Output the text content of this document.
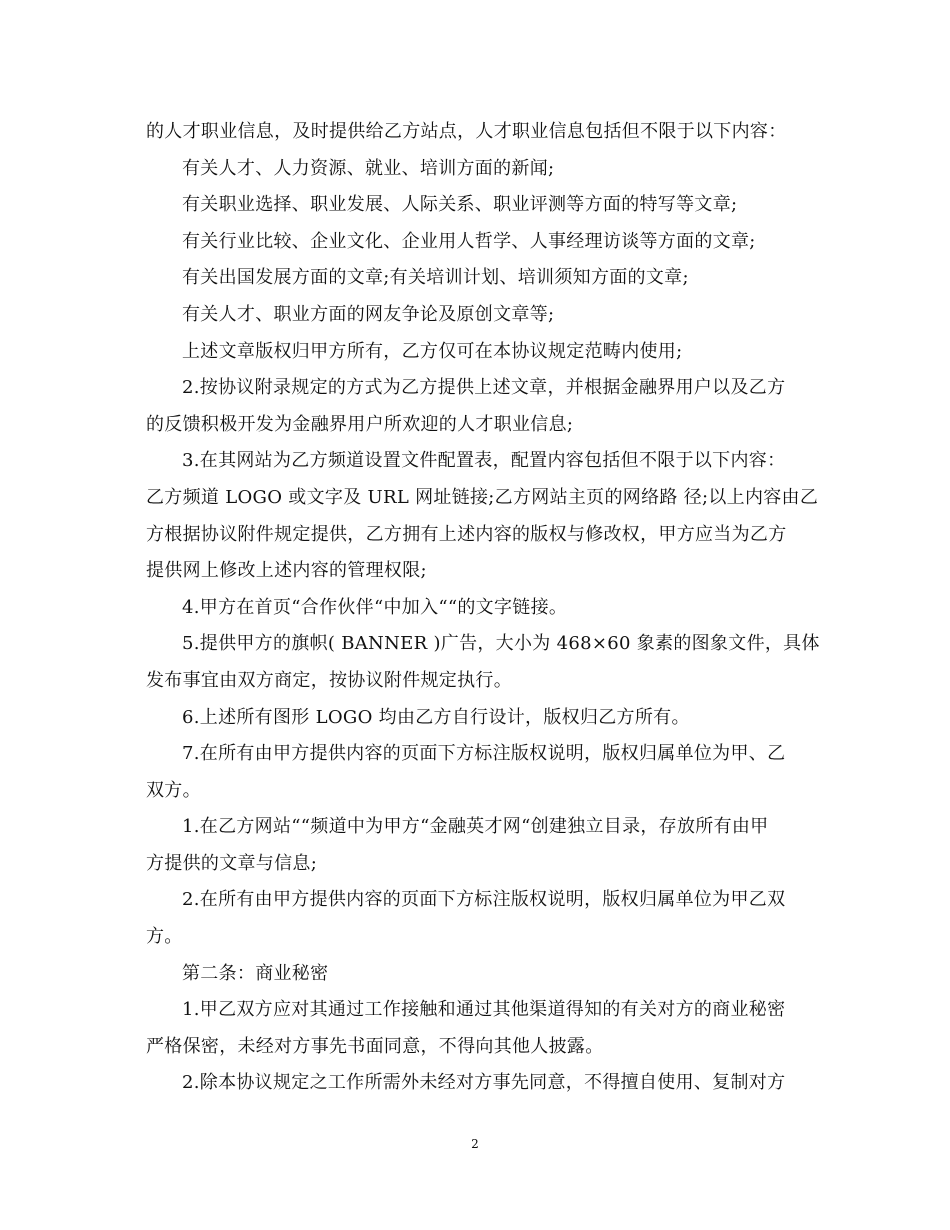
的人才职业信息，及时提供给乙方站点，人才职业信息包括但不限于以下内容：
有关人才、人力资源、就业、培训方面的新闻;
有关职业选择、职业发展、人际关系、职业评测等方面的特写等文章;
有关行业比较、企业文化、企业用人哲学、人事经理访谈等方面的文章;
有关出国发展方面的文章;有关培训计划、培训须知方面的文章;
有关人才、职业方面的网友争论及原创文章等;
上述文章版权归甲方所有，乙方仅可在本协议规定范畴内使用;
2.按协议附录规定的方式为乙方提供上述文章，并根据金融界用户以及乙方
的反馈积极开发为金融界用户所欢迎的人才职业信息;
3.在其网站为乙方频道设置文件配置表，配置内容包括但不限于以下内容：
乙方频道 LOGO 或文字及 URL 网址链接;乙方网站主页的网络路 径;以上内容由乙
方根据协议附件规定提供，乙方拥有上述内容的版权与修改权，甲方应当为乙方
提供网上修改上述内容的管理权限;
4.甲方在首页“合作伙伴“中加入““的文字链接。
5.提供甲方的旗帜( BANNER )广告，大小为 468×60 象素的图象文件，具体
发布事宜由双方商定，按协议附件规定执行。
6.上述所有图形 LOGO 均由乙方自行设计，版权归乙方所有。
7.在所有由甲方提供内容的页面下方标注版权说明，版权归属单位为甲、乙
双方。
1.在乙方网站““频道中为甲方“金融英才网“创建独立目录，存放所有由甲
方提供的文章与信息;
2.在所有由甲方提供内容的页面下方标注版权说明，版权归属单位为甲乙双
方。
第二条：商业秘密
1.甲乙双方应对其通过工作接触和通过其他渠道得知的有关对方的商业秘密
严格保密，未经对方事先书面同意，不得向其他人披露。
2.除本协议规定之工作所需外未经对方事先同意，不得擅自使用、复制对方
2
